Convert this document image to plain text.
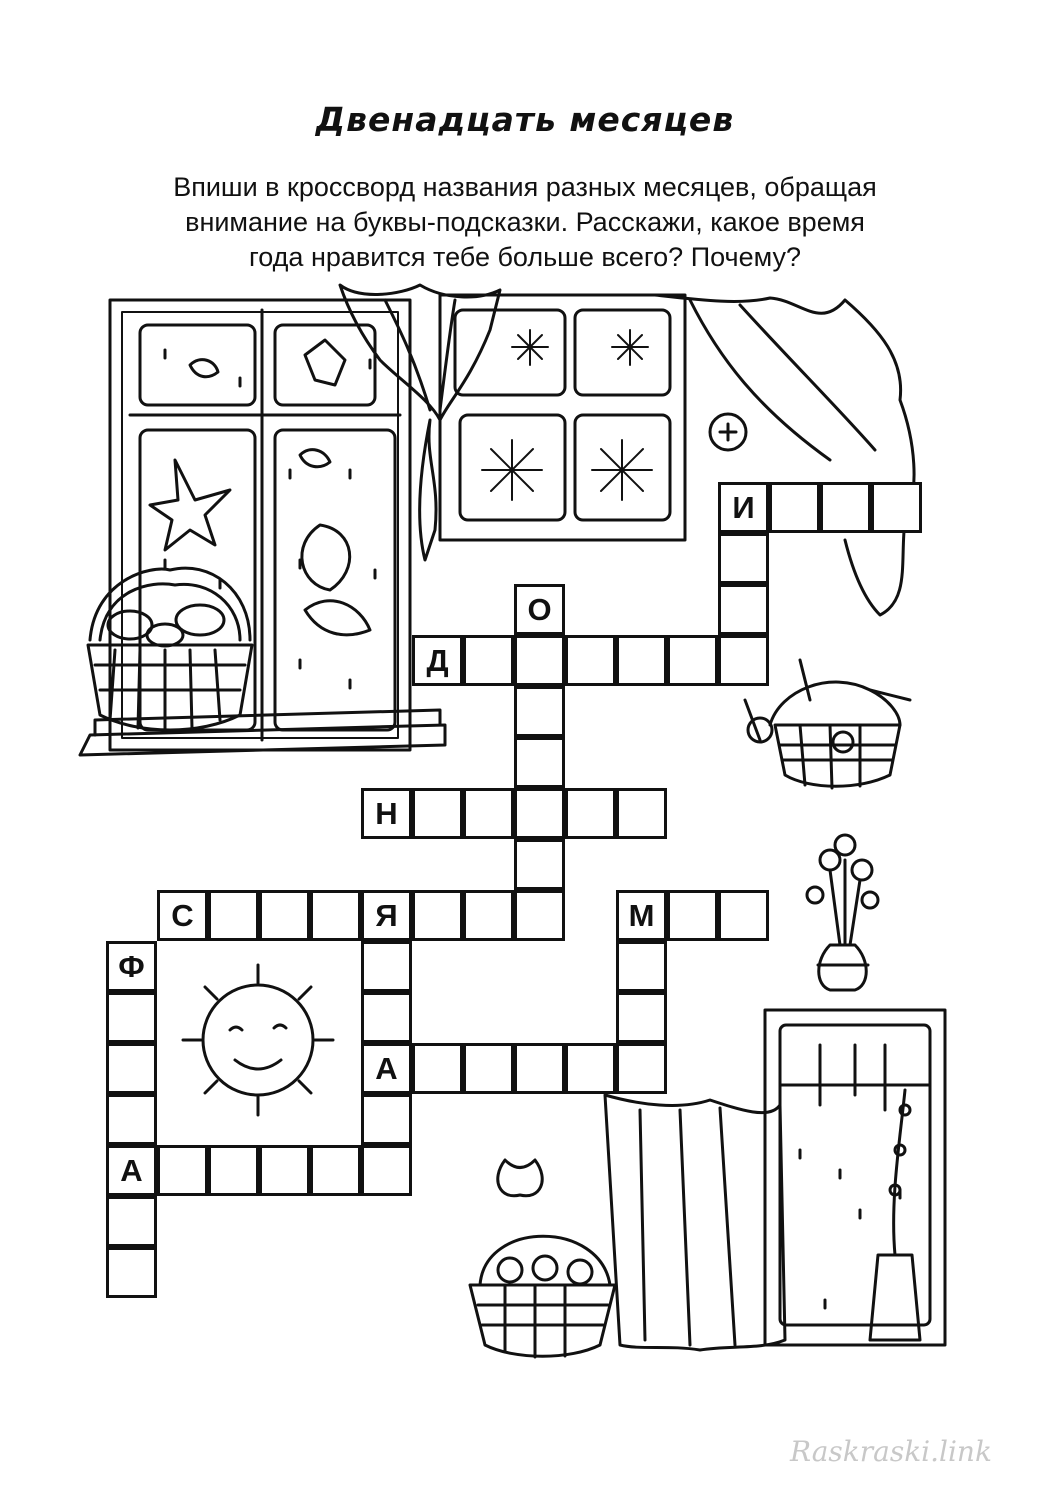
Двенадцать месяцев
Впиши в кроссворд названия разных месяцев, обращая
внимание на буквы-подсказки. Расскажи, какое время
года нравится тебе больше всего? Почему?
И
О
Д
Н
С	Я	М
Ф
А
А
Raskraski.link
